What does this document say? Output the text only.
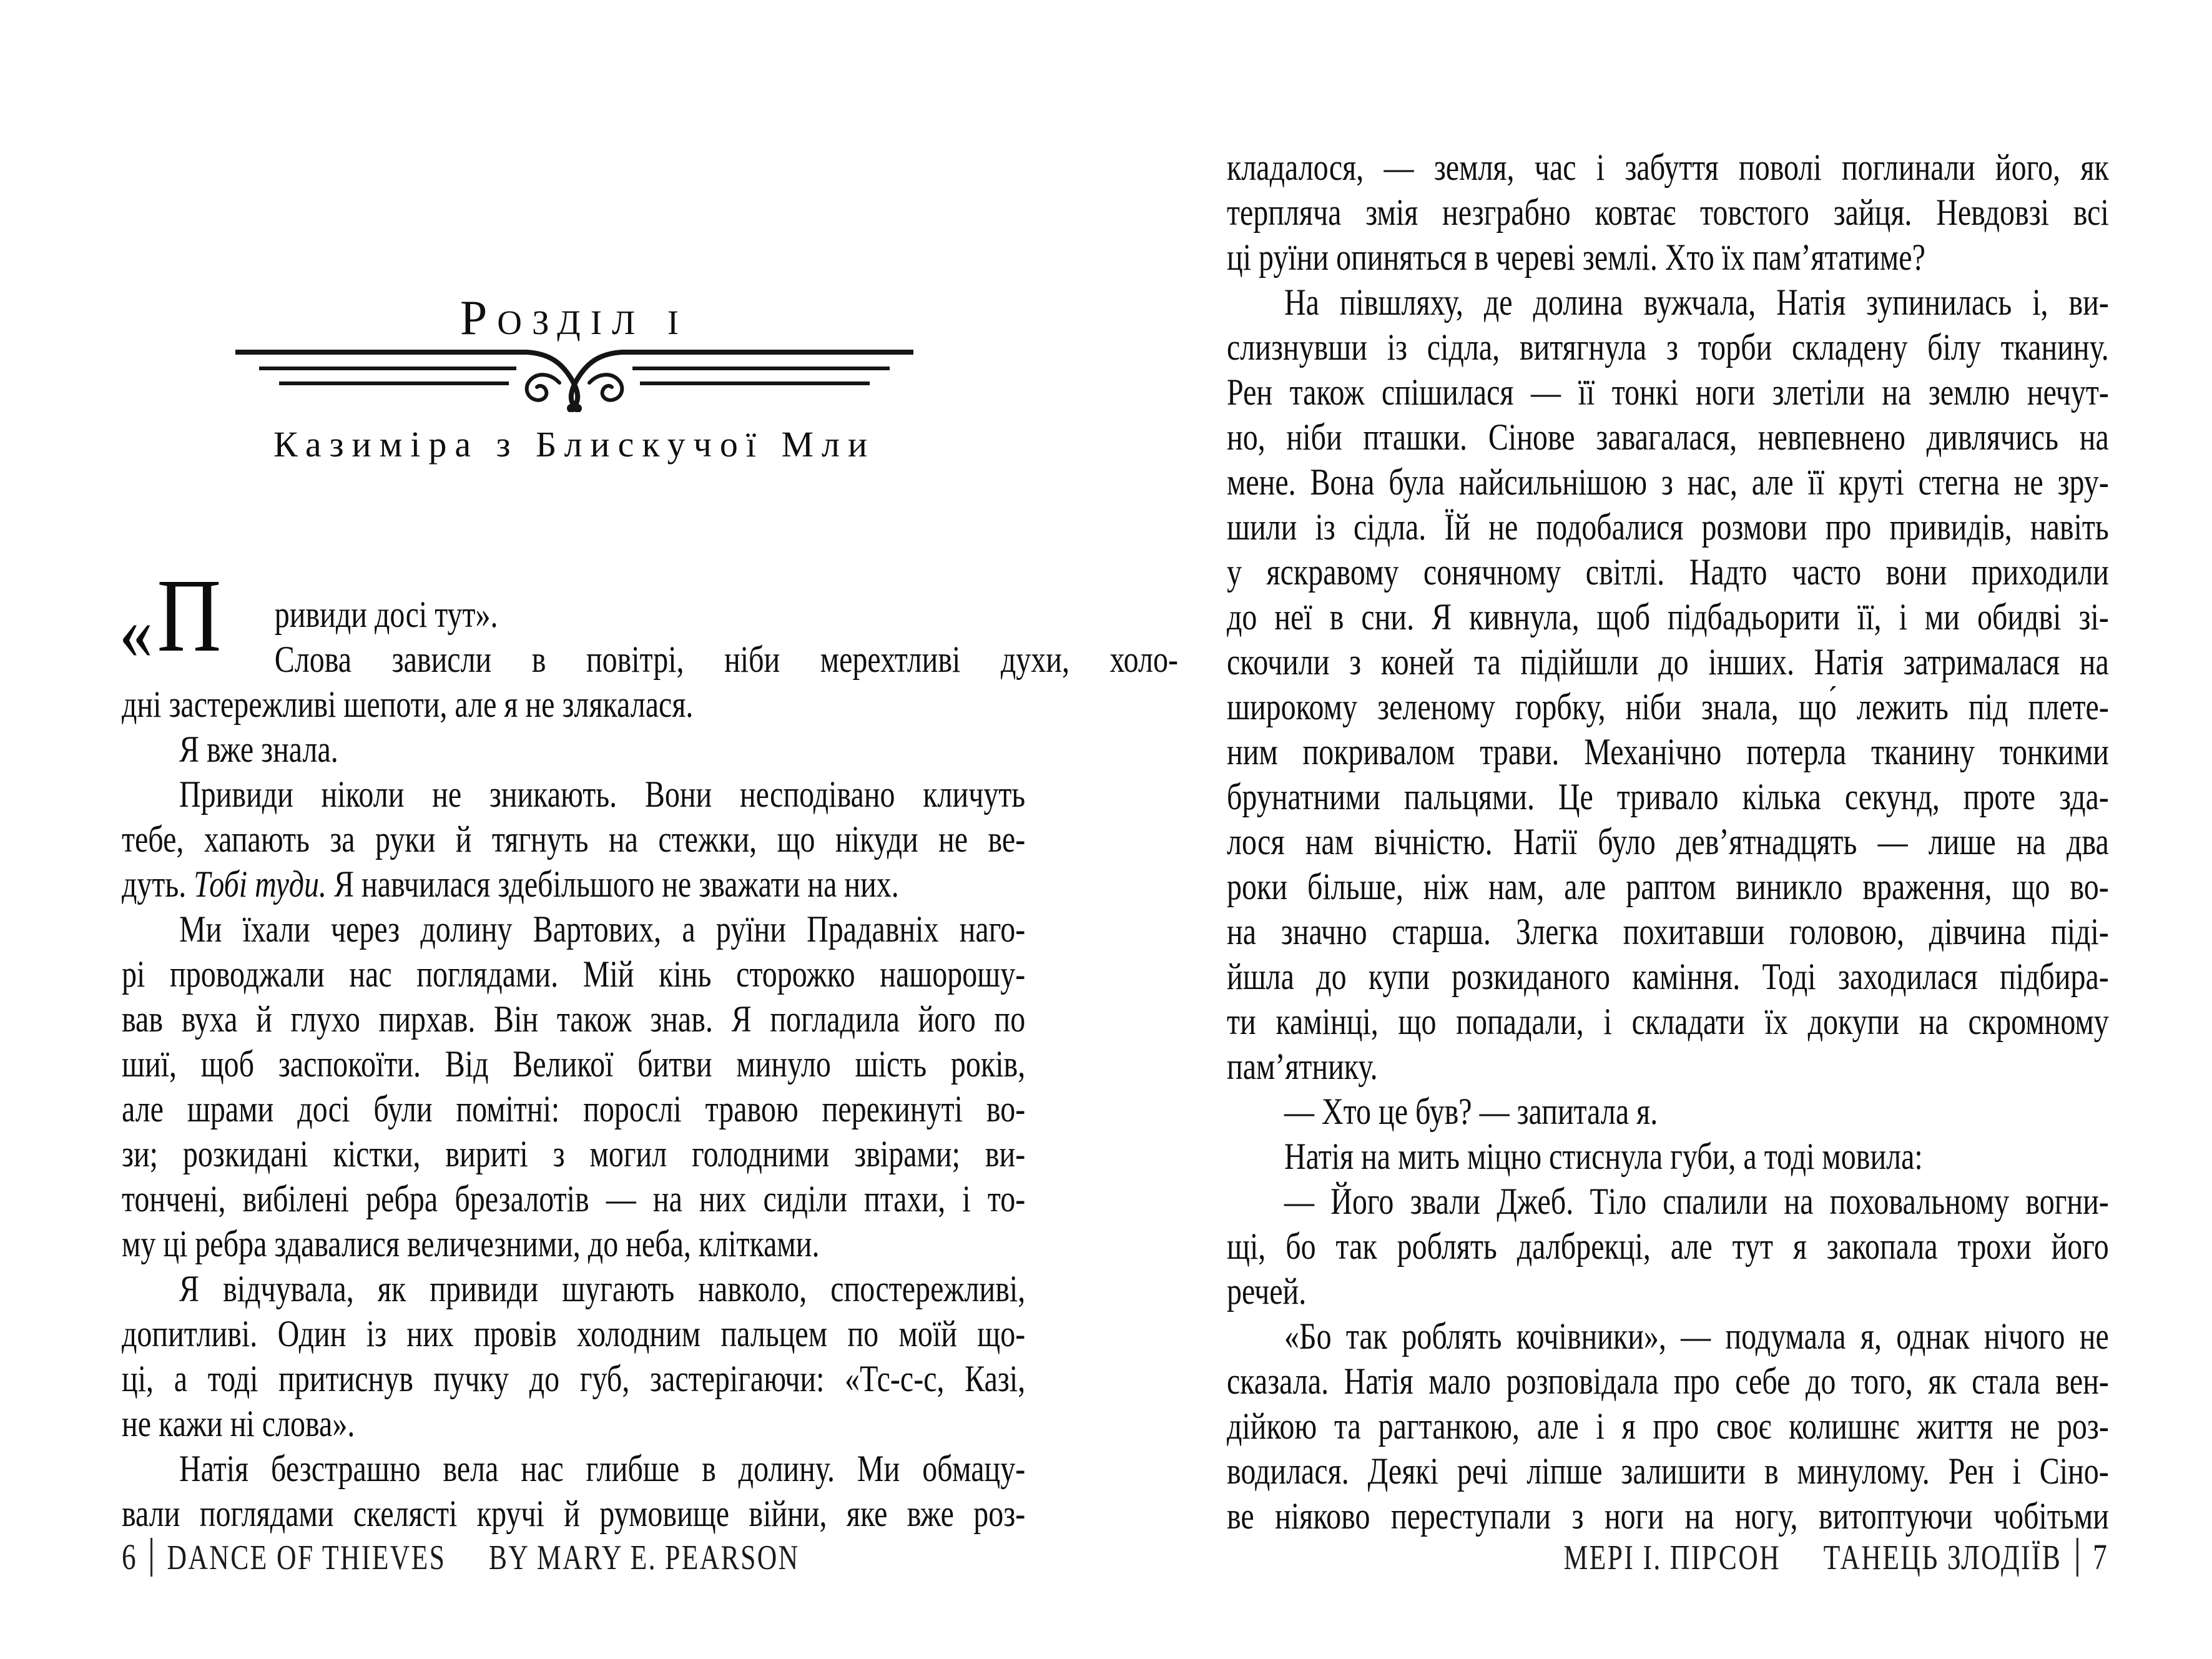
Розділ i
Казиміра з Блискучої Мли
«П	ривиди досі тут».
Слова зависли в повітрі, ніби мерехтливі духи, холо-
дні застережливі шепоти, але я не злякалася.
Я вже знала.
Привиди ніколи не зникають. Вони несподівано кличуть
тебе, хапають за руки й тягнуть на стежки, що нікуди не ве-
дуть. Тобі туди. Я навчилася здебільшого не зважати на них.
Ми їхали через долину Вартових, а руїни Прадавніх наго-
рі проводжали нас поглядами. Мій кінь сторожко нашорошу-
вав вуха й глухо пирхав. Він також знав. Я погладила його по
шиї, щоб заспокоїти. Від Великої битви минуло шість років,
але шрами досі були помітні: порослі травою перекинуті во-
зи; розкидані кістки, вириті з могил голодними звірами; ви-
тончені, вибілені ребра брезалотів — на них сиділи птахи, і то-
му ці ребра здавалися величезними, до неба, клітками.
Я відчувала, як привиди шугають навколо, спостережливі,
допитливі. Один із них провів холодним пальцем по моїй що-
ці, а тоді притиснув пучку до губ, застерігаючи: «Тс-с-с, Казі,
не кажи ні слова».
Натія безстрашно вела нас глибше в долину. Ми обмацу-
вали поглядами скелясті кручі й румовище війни, яке вже роз-
6 DANCE OF THIEVES BY MARY E. PEARSON
кладалося, — земля, час і забуття поволі поглинали його, як
терпляча змія незграбно ковтає товстого зайця. Невдовзі всі
ці руїни опиняться в череві землі. Хто їх пам’ятатиме?
На півшляху, де долина вужчала, Натія зупинилась і, ви-
слизнувши із сідла, витягнула з торби складену білу тканину.
Рен також спішилася — її тонкі ноги злетіли на землю нечут-
но, ніби пташки. Сінове завагалася, невпевнено дивлячись на
мене. Вона була найсильнішою з нас, але її круті стегна не зру-
шили із сідла. Їй не подобалися розмови про привидів, навіть
у яскравому сонячному світлі. Надто часто вони приходили
до неї в сни. Я кивнула, щоб підбадьорити її, і ми обидві зі-
скочили з коней та підійшли до інших. Натія затрималася на
широкому зеленому горбку, ніби знала, що́ лежить під плете-
ним покривалом трави. Механічно потерла тканину тонкими
брунатними пальцями. Це тривало кілька секунд, проте зда-
лося нам вічністю. Натії було дев’ятнадцять — лише на два
роки більше, ніж нам, але раптом виникло враження, що во-
на значно старша. Злегка похитавши головою, дівчина піді-
йшла до купи розкиданого каміння. Тоді заходилася підбира-
ти камінці, що попадали, і складати їх докупи на скромному
пам’ятнику.
— Хто це був? — запитала я.
Натія на мить міцно стиснула губи, а тоді мовила:
— Його звали Джеб. Тіло спалили на поховальному вогни-
щі, бо так роблять далбрекці, але тут я закопала трохи його
речей.
«Бо так роблять кочівники», — подумала я, однак нічого не
сказала. Натія мало розповідала про себе до того, як стала вен-
дійкою та рагтанкою, але і я про своє колишнє життя не роз-
водилася. Деякі речі ліпше залишити в минулому. Рен і Сіно-
ве ніяково переступали з ноги на ногу, витоптуючи чобітьми
МЕРІ І. ПІРСОН ТАНЕЦЬ ЗЛОДІЇВ 7
